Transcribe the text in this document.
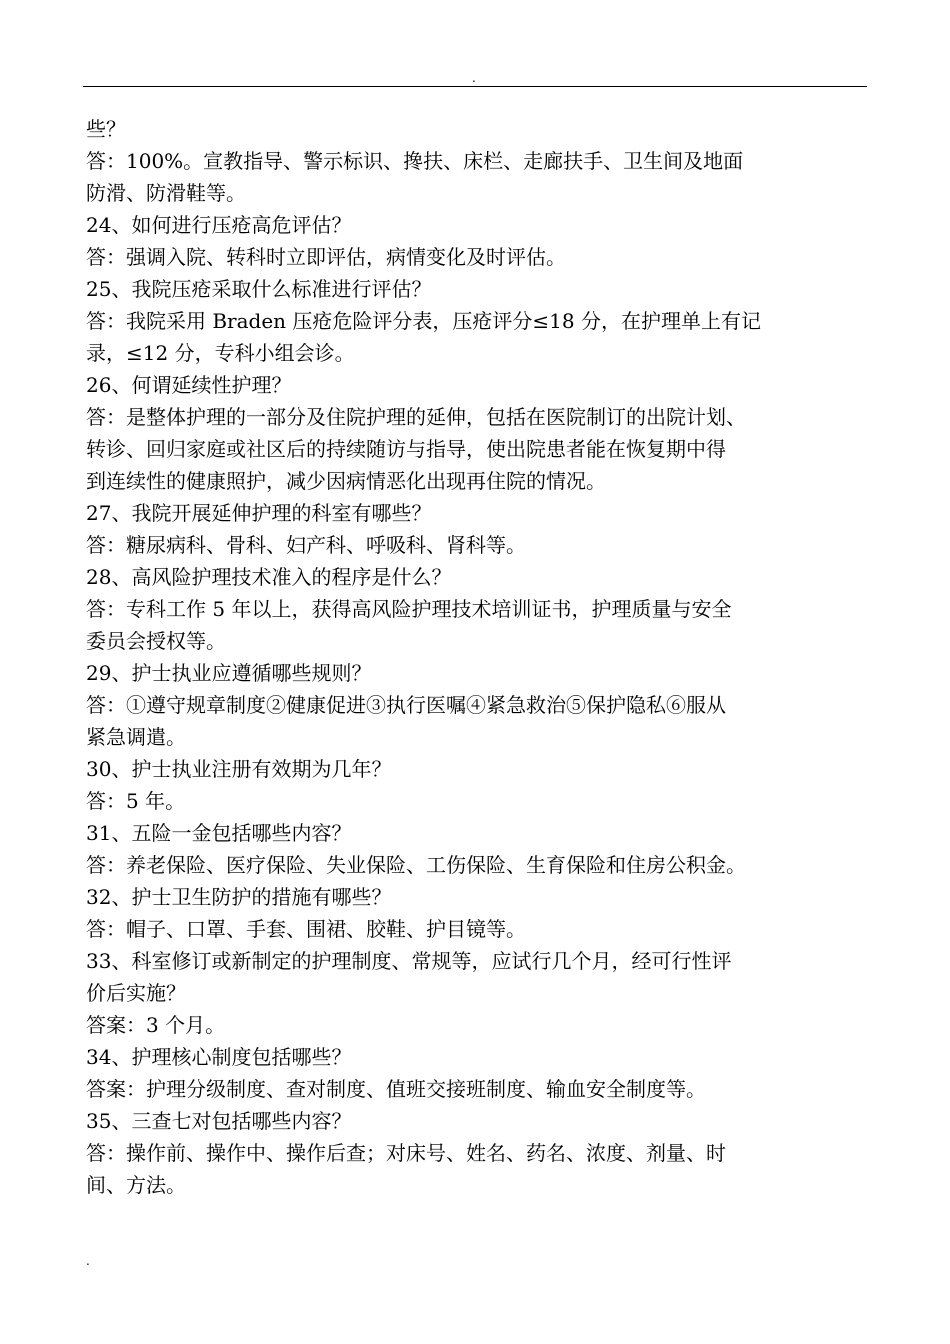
.
些？
答：100%。宣教指导、警示标识、搀扶、床栏、走廊扶手、卫生间及地面
防滑、防滑鞋等。
24、如何进行压疮高危评估？
答：强调入院、转科时立即评估，病情变化及时评估。
25、我院压疮采取什么标准进行评估？
答：我院采用 Braden 压疮危险评分表，压疮评分≤18 分，在护理单上有记
录，≤12 分，专科小组会诊。
26、何谓延续性护理？
答：是整体护理的一部分及住院护理的延伸，包括在医院制订的出院计划、
转诊、回归家庭或社区后的持续随访与指导，使出院患者能在恢复期中得
到连续性的健康照护，减少因病情恶化出现再住院的情况。
27、我院开展延伸护理的科室有哪些？
答：糖尿病科、骨科、妇产科、呼吸科、肾科等。
28、高风险护理技术准入的程序是什么？
答：专科工作 5 年以上，获得高风险护理技术培训证书，护理质量与安全
委员会授权等。
29、护士执业应遵循哪些规则？
答：①遵守规章制度②健康促进③执行医嘱④紧急救治⑤保护隐私⑥服从
紧急调遣。
30、护士执业注册有效期为几年？
答：5 年。
31、五险一金包括哪些内容？
答：养老保险、医疗保险、失业保险、工伤保险、生育保险和住房公积金。
32、护士卫生防护的措施有哪些？
答：帽子、口罩、手套、围裙、胶鞋、护目镜等。
33、科室修订或新制定的护理制度、常规等，应试行几个月，经可行性评
价后实施？
答案：3 个月。
34、护理核心制度包括哪些？
答案：护理分级制度、查对制度、值班交接班制度、输血安全制度等。
35、三查七对包括哪些内容？
答：操作前、操作中、操作后查；对床号、姓名、药名、浓度、剂量、时
间、方法。
.
